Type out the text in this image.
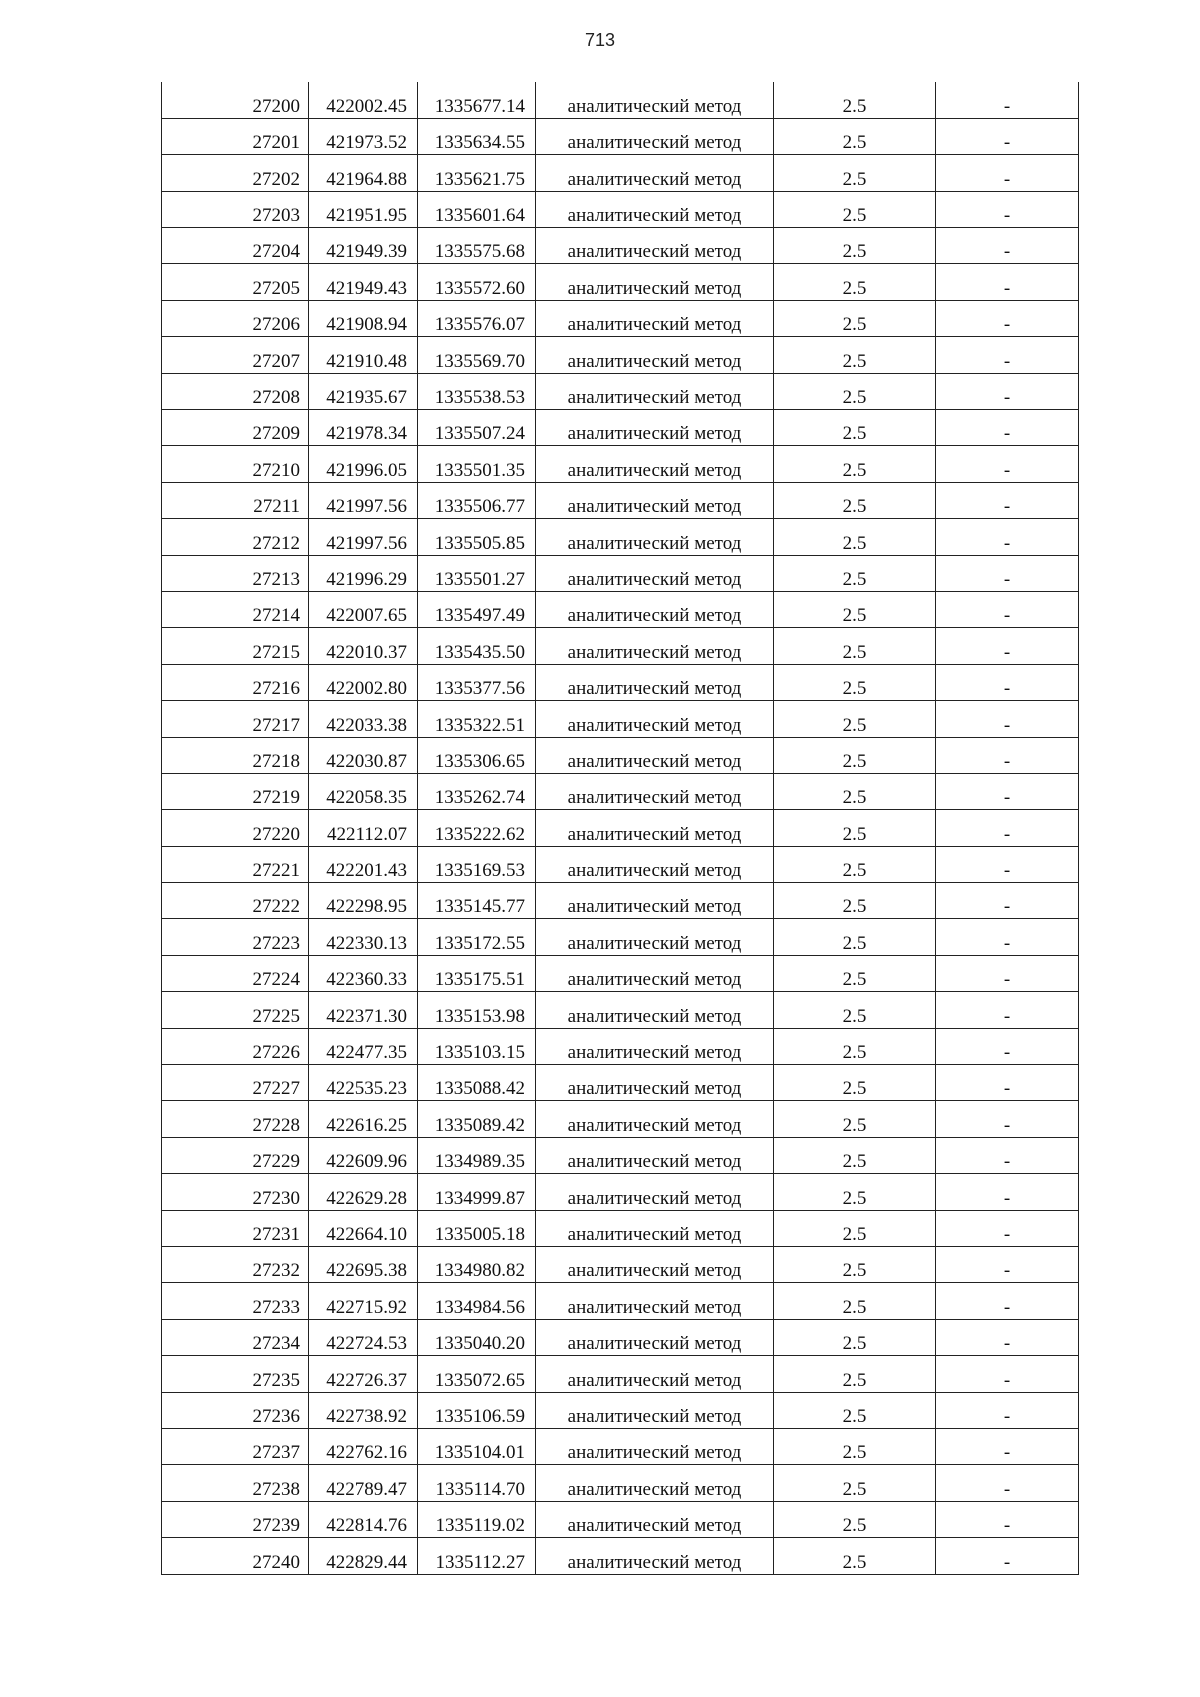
713
27200	422002.45	1335677.14	аналитический метод	2.5	-
27201	421973.52	1335634.55	аналитический метод	2.5	-
27202	421964.88	1335621.75	аналитический метод	2.5	-
27203	421951.95	1335601.64	аналитический метод	2.5	-
27204	421949.39	1335575.68	аналитический метод	2.5	-
27205	421949.43	1335572.60	аналитический метод	2.5	-
27206	421908.94	1335576.07	аналитический метод	2.5	-
27207	421910.48	1335569.70	аналитический метод	2.5	-
27208	421935.67	1335538.53	аналитический метод	2.5	-
27209	421978.34	1335507.24	аналитический метод	2.5	-
27210	421996.05	1335501.35	аналитический метод	2.5	-
27211	421997.56	1335506.77	аналитический метод	2.5	-
27212	421997.56	1335505.85	аналитический метод	2.5	-
27213	421996.29	1335501.27	аналитический метод	2.5	-
27214	422007.65	1335497.49	аналитический метод	2.5	-
27215	422010.37	1335435.50	аналитический метод	2.5	-
27216	422002.80	1335377.56	аналитический метод	2.5	-
27217	422033.38	1335322.51	аналитический метод	2.5	-
27218	422030.87	1335306.65	аналитический метод	2.5	-
27219	422058.35	1335262.74	аналитический метод	2.5	-
27220	422112.07	1335222.62	аналитический метод	2.5	-
27221	422201.43	1335169.53	аналитический метод	2.5	-
27222	422298.95	1335145.77	аналитический метод	2.5	-
27223	422330.13	1335172.55	аналитический метод	2.5	-
27224	422360.33	1335175.51	аналитический метод	2.5	-
27225	422371.30	1335153.98	аналитический метод	2.5	-
27226	422477.35	1335103.15	аналитический метод	2.5	-
27227	422535.23	1335088.42	аналитический метод	2.5	-
27228	422616.25	1335089.42	аналитический метод	2.5	-
27229	422609.96	1334989.35	аналитический метод	2.5	-
27230	422629.28	1334999.87	аналитический метод	2.5	-
27231	422664.10	1335005.18	аналитический метод	2.5	-
27232	422695.38	1334980.82	аналитический метод	2.5	-
27233	422715.92	1334984.56	аналитический метод	2.5	-
27234	422724.53	1335040.20	аналитический метод	2.5	-
27235	422726.37	1335072.65	аналитический метод	2.5	-
27236	422738.92	1335106.59	аналитический метод	2.5	-
27237	422762.16	1335104.01	аналитический метод	2.5	-
27238	422789.47	1335114.70	аналитический метод	2.5	-
27239	422814.76	1335119.02	аналитический метод	2.5	-
27240	422829.44	1335112.27	аналитический метод	2.5	-
